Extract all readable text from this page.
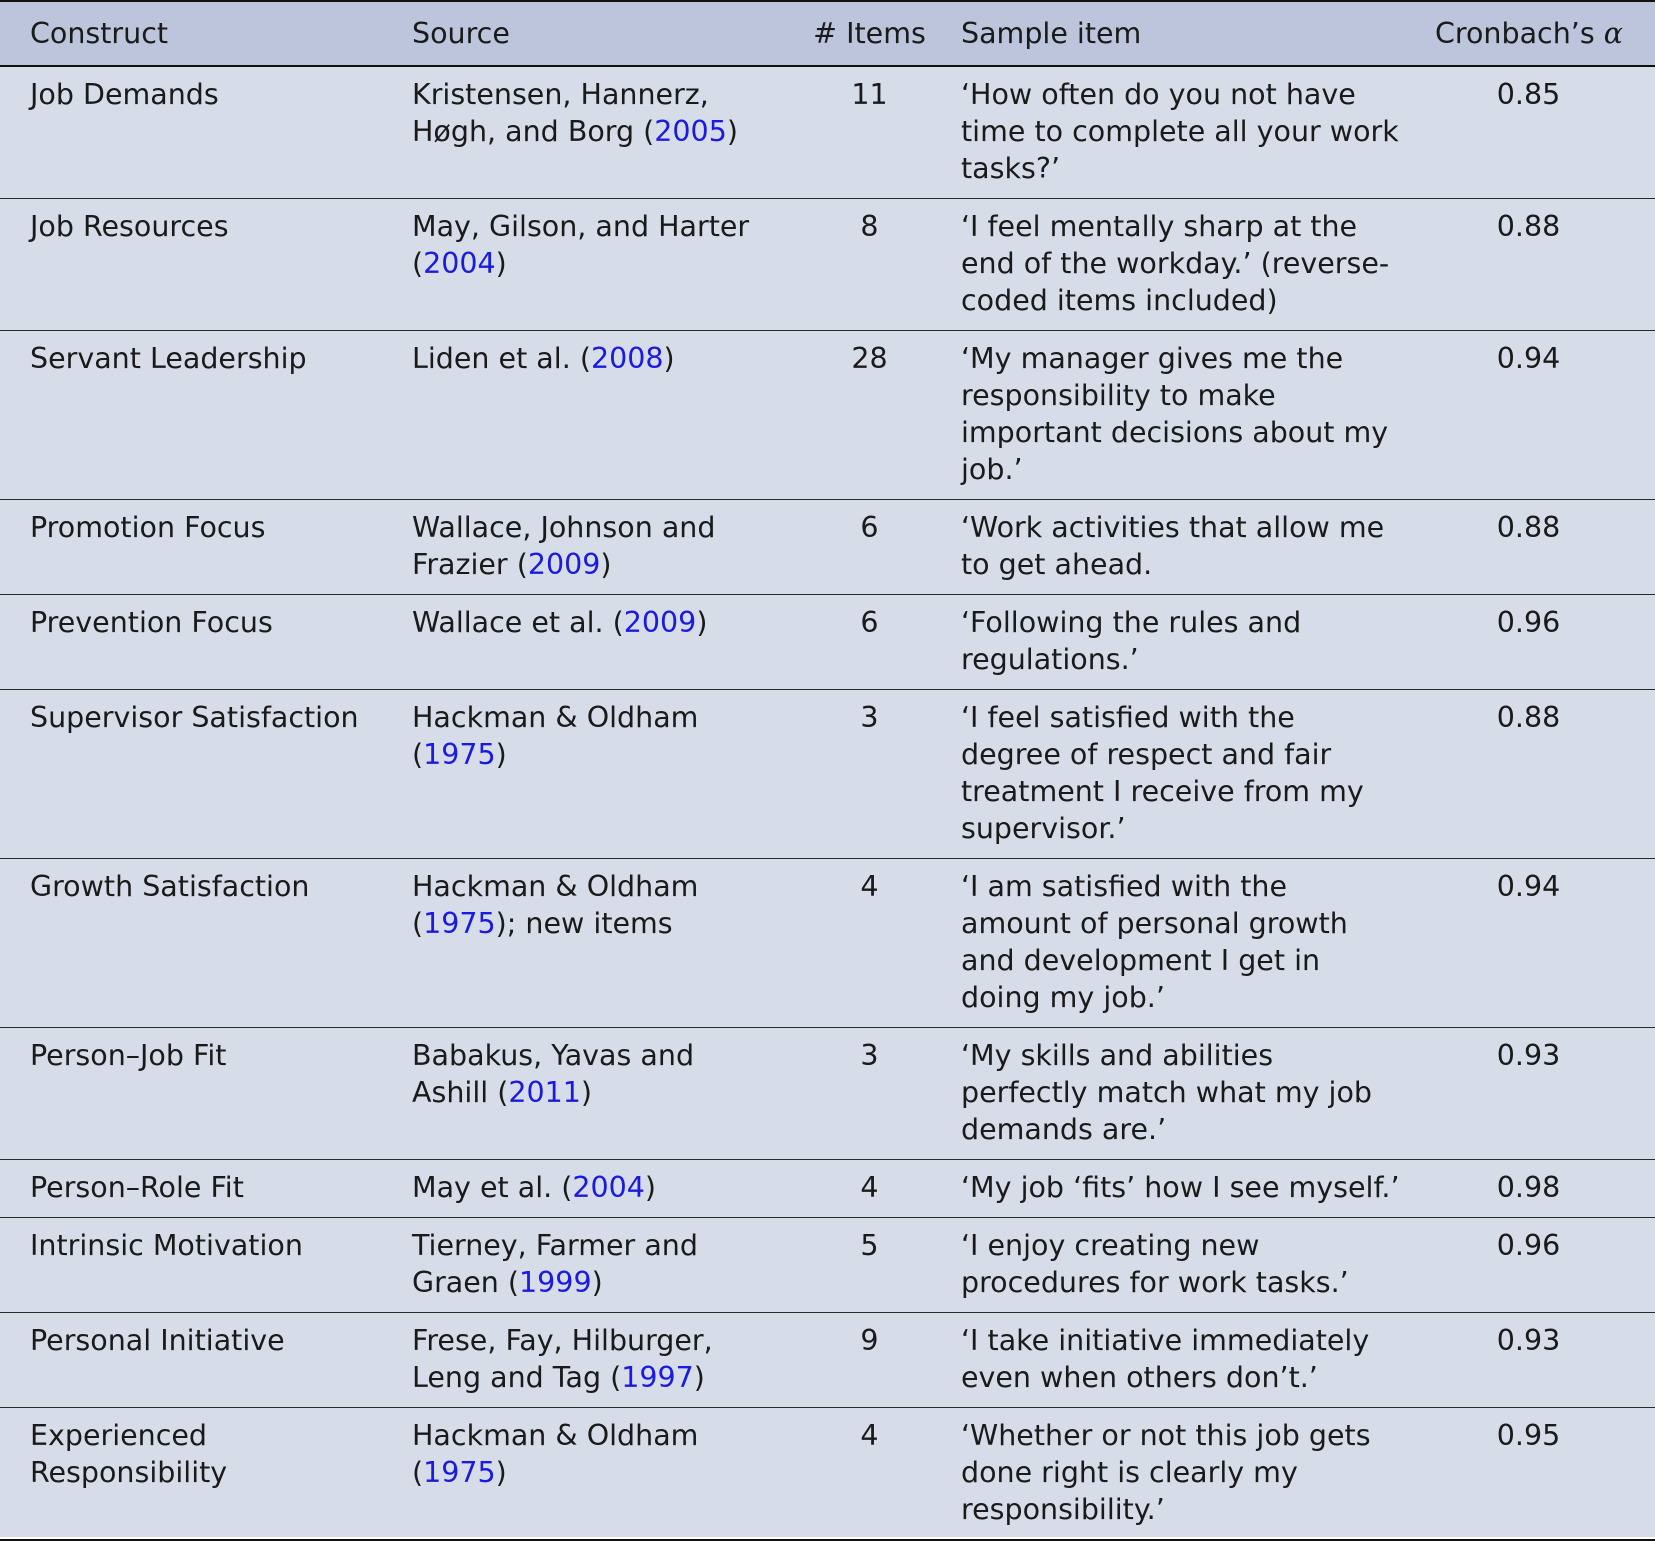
Construct	Source	# Items	Sample item	Cronbach’s α
Job Demands	Kristensen, Hannerz, Høgh, and Borg (2005)	11	‘How often do you not have time to complete all your work tasks?’	0.85
Job Resources	May, Gilson, and Harter (2004)	8	‘I feel mentally sharp at the end of the workday.’ (reverse-coded items included)	0.88
Servant Leadership	Liden et al. (2008)	28	‘My manager gives me the responsibility to make important decisions about my job.’	0.94
Promotion Focus	Wallace, Johnson and Frazier (2009)	6	‘Work activities that allow me to get ahead.	0.88
Prevention Focus	Wallace et al. (2009)	6	‘Following the rules and regulations.’	0.96
Supervisor Satisfaction	Hackman & Oldham (1975)	3	‘I feel satisfied with the degree of respect and fair treatment I receive from my supervisor.’	0.88
Growth Satisfaction	Hackman & Oldham (1975); new items	4	‘I am satisfied with the amount of personal growth and development I get in doing my job.’	0.94
Person–Job Fit	Babakus, Yavas and Ashill (2011)	3	‘My skills and abilities perfectly match what my job demands are.’	0.93
Person–Role Fit	May et al. (2004)	4	‘My job ‘fits’ how I see myself.’	0.98
Intrinsic Motivation	Tierney, Farmer and Graen (1999)	5	‘I enjoy creating new procedures for work tasks.’	0.96
Personal Initiative	Frese, Fay, Hilburger, Leng and Tag (1997)	9	‘I take initiative immediately even when others don’t.’	0.93
Experienced Responsibility	Hackman & Oldham (1975)	4	‘Whether or not this job gets done right is clearly my responsibility.’	0.95
